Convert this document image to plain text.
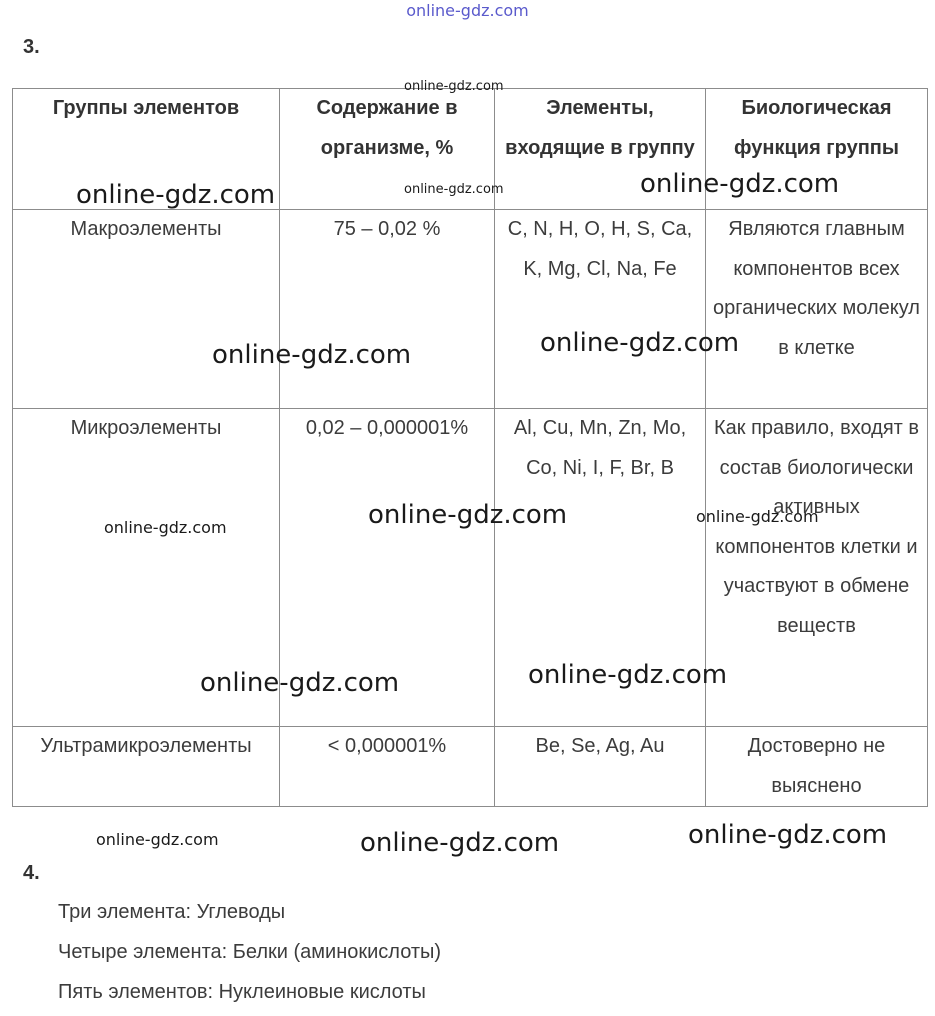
online-gdz.com
3.
Группы элементов	Содержание в организме, %	Элементы, входящие в группу	Биологическая функция группы
Макроэлементы	75 – 0,02 %	C, N, H, O, H, S, Ca, K, Mg, Cl, Na, Fe	Являются главным компонентов всех органических молекул в клетке
Микроэлементы	0,02 – 0,000001%	Al, Cu, Mn, Zn, Mo, Co, Ni, I, F, Br, B	Как правило, входят в состав биологически активных компонентов клетки и участвуют в обмене веществ
Ультрамикроэлементы	< 0,000001%	Be, Se, Ag, Au	Достоверно не выяснено
4.
Три элемента: Углеводы
Четыре элемента: Белки (аминокислоты)
Пять элементов: Нуклеиновые кислоты
online-gdz.com
online-gdz.com
online-gdz.com	online-gdz.com
online-gdz.com	online-gdz.com
online-gdz.com	online-gdz.com	online-gdz.com
online-gdz.com	online-gdz.com
online-gdz.com	online-gdz.com	online-gdz.com
